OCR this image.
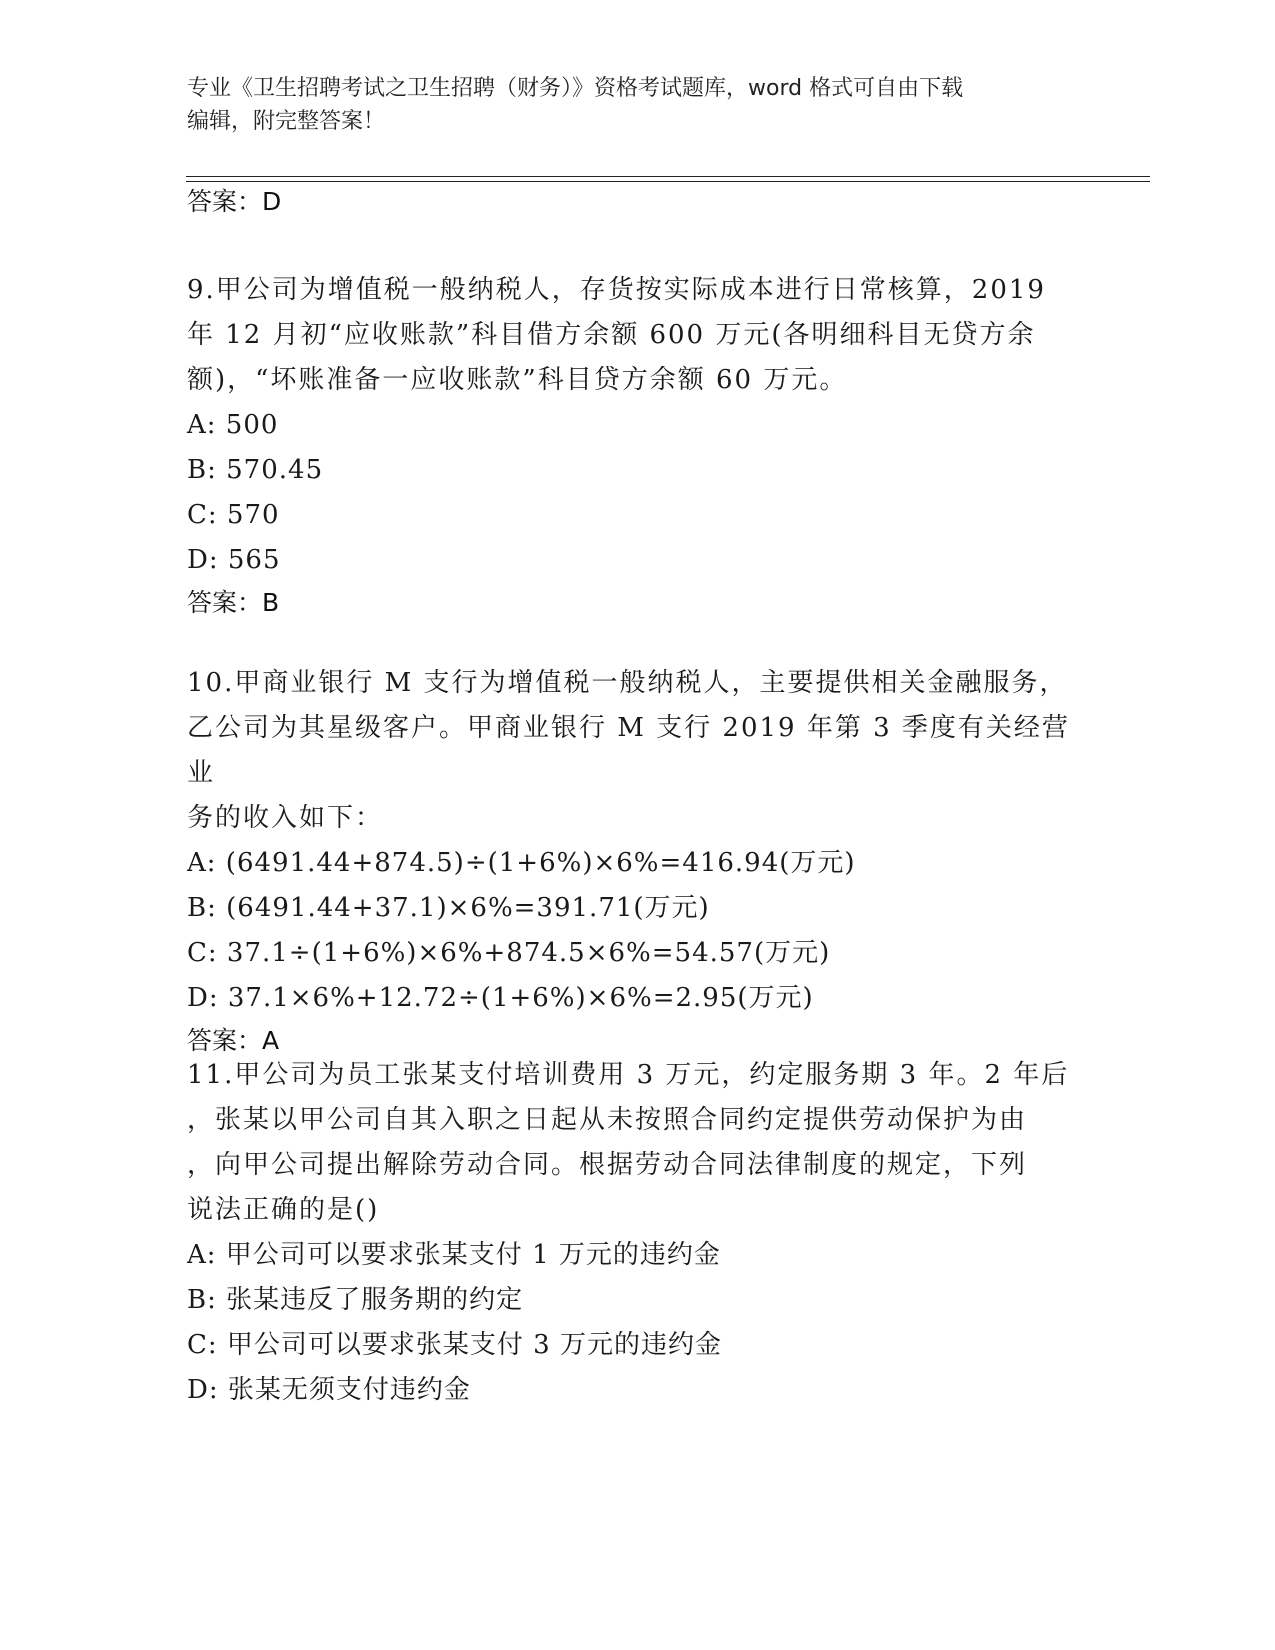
专业《卫生招聘考试之卫生招聘（财务）》资格考试题库，word 格式可自由下载
编辑，附完整答案！

答案：D

9.甲公司为增值税一般纳税人，存货按实际成本进行日常核算，2019

年 12 月初“应收账款”科目借方余额 600 万元(各明细科目无贷方余

额)，“坏账准备一应收账款”科目贷方余额 60 万元。

A: 500

B: 570.45

C: 570

D: 565

答案：B

10.甲商业银行 M 支行为增值税一般纳税人，主要提供相关金融服务，

乙公司为其星级客户。甲商业银行 M 支行 2019 年第 3 季度有关经营业

务的收入如下：

A: (6491.44+874.5)÷(1+6%)×6%=416.94(万元)

B: (6491.44+37.1)×6%=391.71(万元)

C: 37.1÷(1+6%)×6%+874.5×6%=54.57(万元)

D: 37.1×6%+12.72÷(1+6%)×6%=2.95(万元)

答案：A

11.甲公司为员工张某支付培训费用 3 万元，约定服务期 3 年。2 年后

，张某以甲公司自其入职之日起从未按照合同约定提供劳动保护为由

，向甲公司提出解除劳动合同。根据劳动合同法律制度的规定，下列

说法正确的是()

A: 甲公司可以要求张某支付 1 万元的违约金

B: 张某违反了服务期的约定

C: 甲公司可以要求张某支付 3 万元的违约金

D: 张某无须支付违约金
